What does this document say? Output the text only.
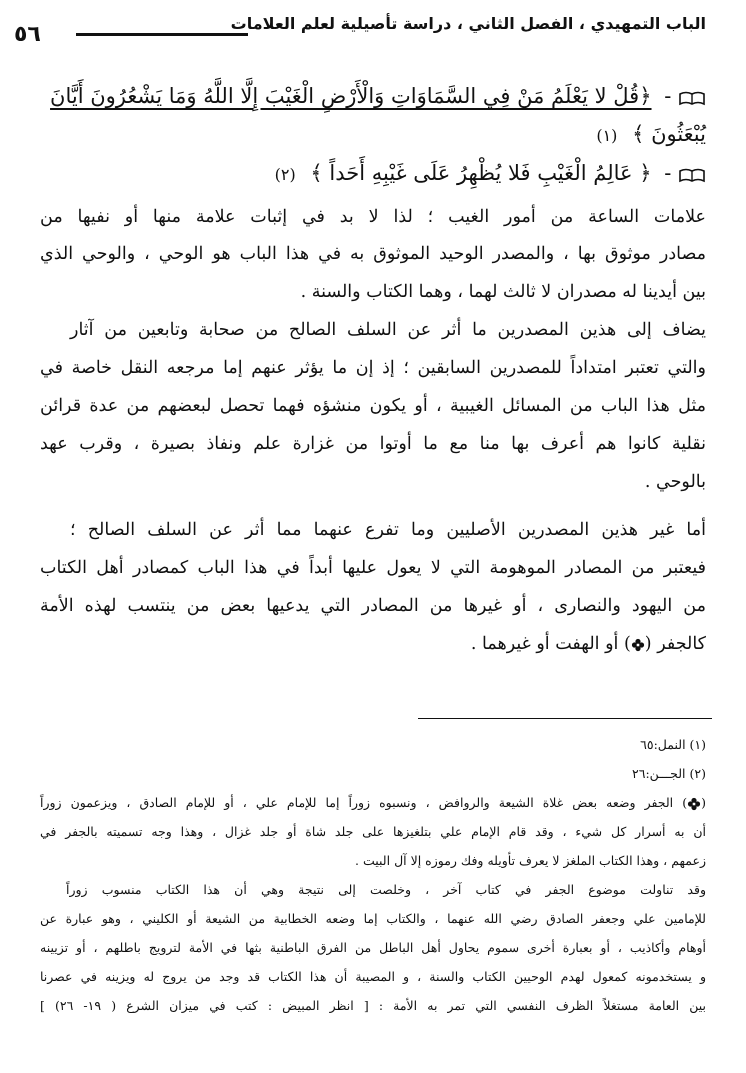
الباب التمهيدي ، الفصل الثاني ، دراسة تأصيلية لعلم العلامات
٥٦
- ﴿قُلْ لا يَعْلَمُ مَنْ فِي السَّمَاوَاتِ وَالْأَرْضِ الْغَيْبَ إِلَّا اللَّهُ وَمَا يَشْعُرُونَ أَيَّانَ
يُبْعَثُونَ ﴾ (١)
- ﴿ عَالِمُ الْغَيْبِ فَلا يُظْهِرُ عَلَى غَيْبِهِ أَحَداً ﴾ (٢)
علامات الساعة من أمور الغيب ؛ لذا لا بد في إثبات علامة منها أو نفيها من
مصادر موثوق بها ، والمصدر الوحيد الموثوق به في هذا الباب هو الوحي ، والوحي الذي
بين أيدينا له مصدران لا ثالث لهما ، وهما الكتاب والسنة .
يضاف إلى هذين المصدرين ما أثر عن السلف الصالح من صحابة وتابعين من آثار
والتي تعتبر امتداداً للمصدرين السابقين ؛ إذ إن ما يؤثر عنهم إما مرجعه النقل خاصة في
مثل هذا الباب من المسائل الغيبية ، أو يكون منشؤه فهما تحصل لبعضهم من عدة قرائن
نقلية كانوا هم أعرف بها منا مع ما أوتوا من غزارة علم ونفاذ بصيرة ، وقرب عهد
بالوحي .
أما غير هذين المصدرين الأصليين وما تفرع عنهما مما أثر عن السلف الصالح ؛
فيعتبر من المصادر الموهومة التي لا يعول عليها أبداً في هذا الباب كمصادر أهل الكتاب
من اليهود والنصارى ، أو غيرها من المصادر التي يدعيها بعض من ينتسب لهذه الأمة
كالجفر () أو الهفت أو غيرهما .
(١) النمل:٦٥
(٢) الجـــن:٢٦
() الجفر وضعه بعض غلاة الشيعة والروافض ، ونسبوه زوراً إما للإمام علي ، أو للإمام الصادق ، ويزعمون زوراً
أن به أسرار كل شيء ، وقد قام الإمام علي بتلغيزها على جلد شاة أو جلد غزال ، وهذا وجه تسميته بالجفر في
زعمهم ، وهذا الكتاب الملغز لا يعرف تأويله وفك رموزه إلا آل البيت .
وقد تناولت موضوع الجفر في كتاب آخر ، وخلصت إلى نتيجة وهي أن هذا الكتاب منسوب زوراً
للإمامين علي وجعفر الصادق رضي الله عنهما ، والكتاب إما وضعه الخطابية من الشيعة أو الكليني ، وهو عبارة عن
أوهام وأكاذيب ، أو بعبارة أخرى سموم يحاول أهل الباطل من الفرق الباطنية بثها في الأمة لترويج باطلهم ، أو تزيينه
و يستخدمونه كمعول لهدم الوحيين الكتاب والسنة ، و المصيبة أن هذا الكتاب قد وجد من يروج له ويزينه في عصرنا
بين العامة مستغلاً الظرف النفسي التي تمر به الأمة : [ انظر المبيض : كتب في ميزان الشرع ( ١٩- ٢٦) ]
